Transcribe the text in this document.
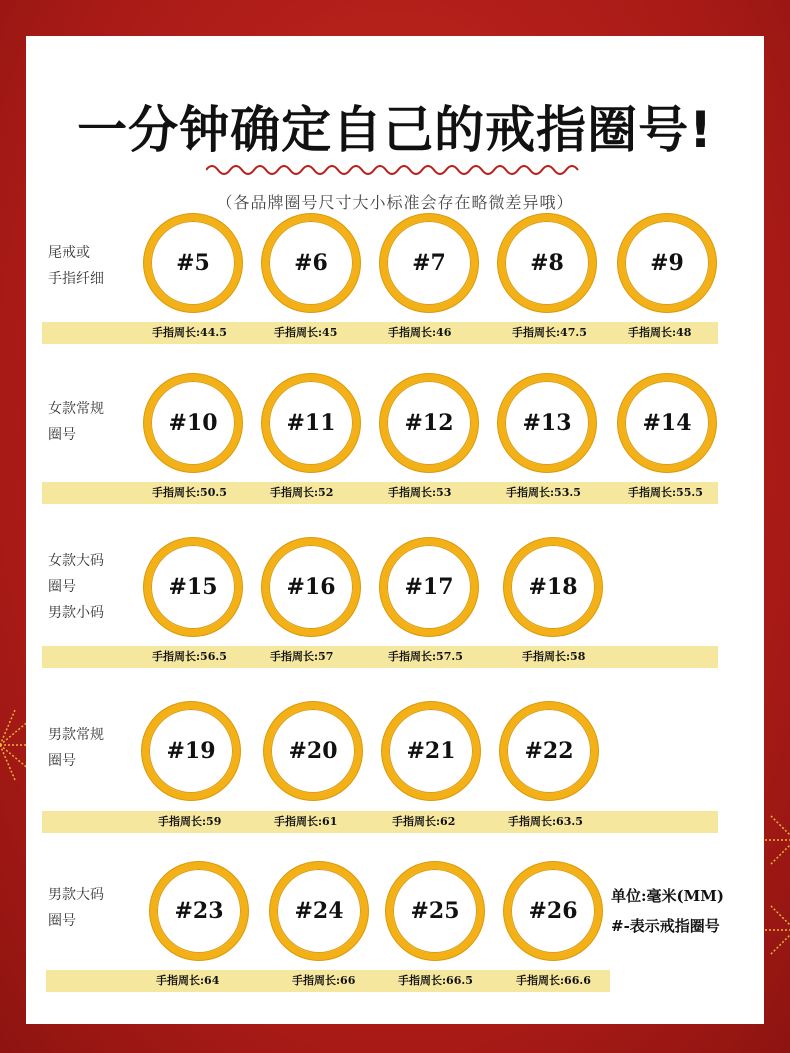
一分钟确定自己的戒指圈号!
（各品牌圈号尺寸大小标准会存在略微差异哦）
尾戒或
手指纤细
#5	#6	#7	#8	#9
手指周长:44.5	手指周长:45	手指周长:46	手指周长:47.5	手指周长:48
女款常规
圈号	#10	#11	#12	#13	#14
手指周长:50.5	手指周长:52	手指周长:53	手指周长:53.5	手指周长:55.5
女款大码
圈号
男款小码
#15	#16	#17	#18
手指周长:56.5	手指周长:57	手指周长:57.5	手指周长:58
男款常规
圈号	#19	#20	#21	#22
手指周长:59	手指周长:61	手指周长:62	手指周长:63.5
男款大码
圈号	#23	#24	#25	#26
手指周长:64	手指周长:66	手指周长:66.5	手指周长:66.6
单位:毫米(MM)
#-表示戒指圈号
